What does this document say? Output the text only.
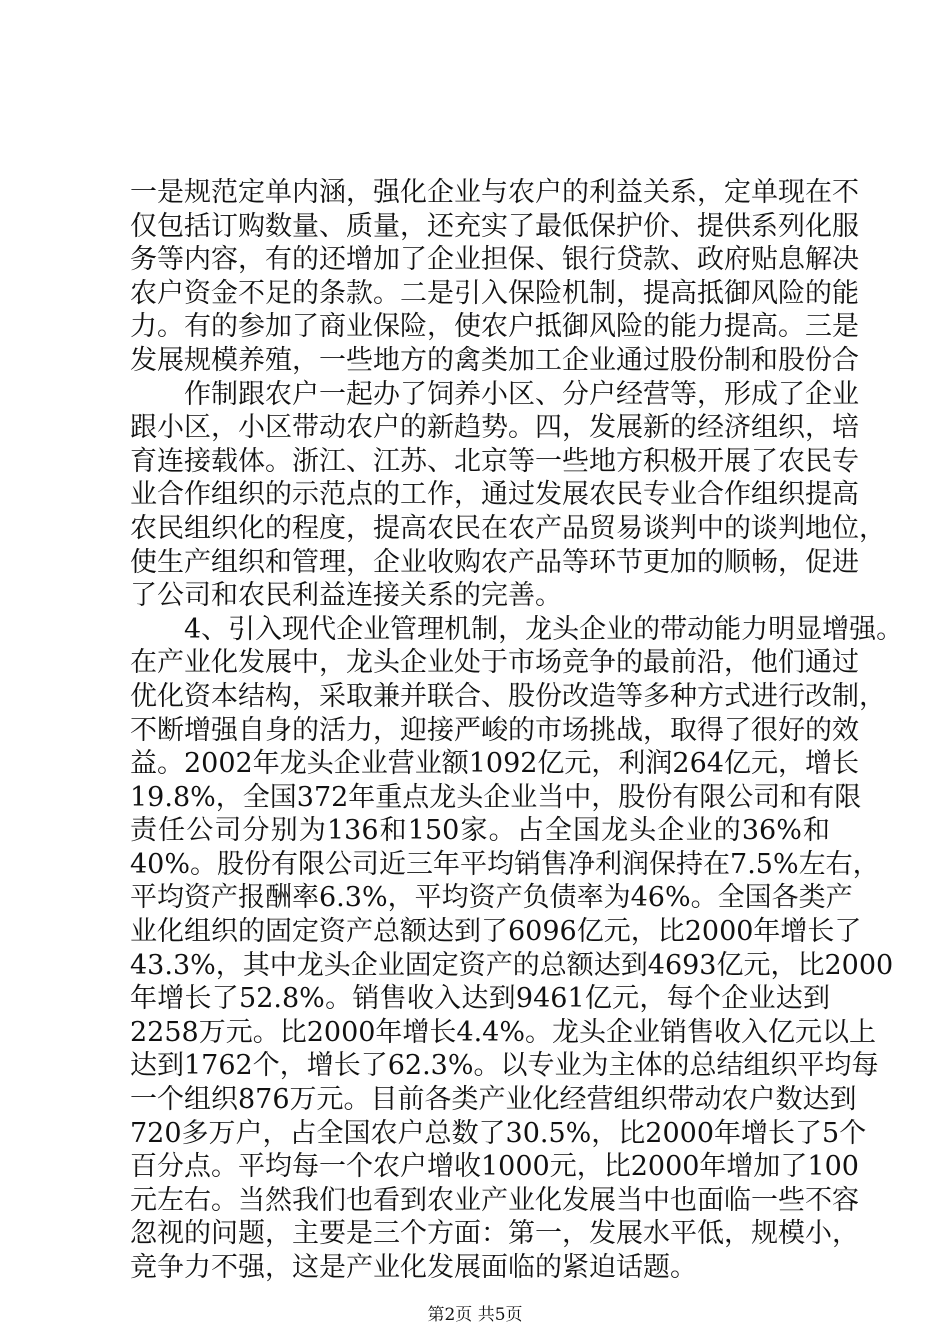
一是规范定单内涵，强化企业与农户的利益关系，定单现在不
仅包括订购数量、质量，还充实了最低保护价、提供系列化服
务等内容，有的还增加了企业担保、银行贷款、政府贴息解决
农户资金不足的条款。二是引入保险机制，提高抵御风险的能
力。有的参加了商业保险，使农户抵御风险的能力提高。三是
发展规模养殖，一些地方的禽类加工企业通过股份制和股份合
作制跟农户一起办了饲养小区、分户经营等，形成了企业
跟小区，小区带动农户的新趋势。四，发展新的经济组织，培
育连接载体。浙江、江苏、北京等一些地方积极开展了农民专
业合作组织的示范点的工作，通过发展农民专业合作组织提高
农民组织化的程度，提高农民在农产品贸易谈判中的谈判地位，
使生产组织和管理，企业收购农产品等环节更加的顺畅，促进
了公司和农民利益连接关系的完善。
4、引入现代企业管理机制，龙头企业的带动能力明显增强。
在产业化发展中，龙头企业处于市场竞争的最前沿，他们通过
优化资本结构，采取兼并联合、股份改造等多种方式进行改制，
不断增强自身的活力，迎接严峻的市场挑战，取得了很好的效
益。2002年龙头企业营业额1092亿元，利润264亿元，增长
19.8%，全国372年重点龙头企业当中，股份有限公司和有限
责任公司分别为136和150家。占全国龙头企业的36%和
40%。股份有限公司近三年平均销售净利润保持在7.5%左右，
平均资产报酬率6.3%，平均资产负债率为46%。全国各类产
业化组织的固定资产总额达到了6096亿元，比2000年增长了
43.3%，其中龙头企业固定资产的总额达到4693亿元，比2000
年增长了52.8%。销售收入达到9461亿元，每个企业达到
2258万元。比2000年增长4.4%。龙头企业销售收入亿元以上
达到1762个，增长了62.3%。以专业为主体的总结组织平均每
一个组织876万元。目前各类产业化经营组织带动农户数达到
720多万户，占全国农户总数了30.5%，比2000年增长了5个
百分点。平均每一个农户增收1000元，比2000年增加了100
元左右。当然我们也看到农业产业化发展当中也面临一些不容
忽视的问题，主要是三个方面：第一，发展水平低，规模小，
竞争力不强，这是产业化发展面临的紧迫话题。
第2页 共5页
